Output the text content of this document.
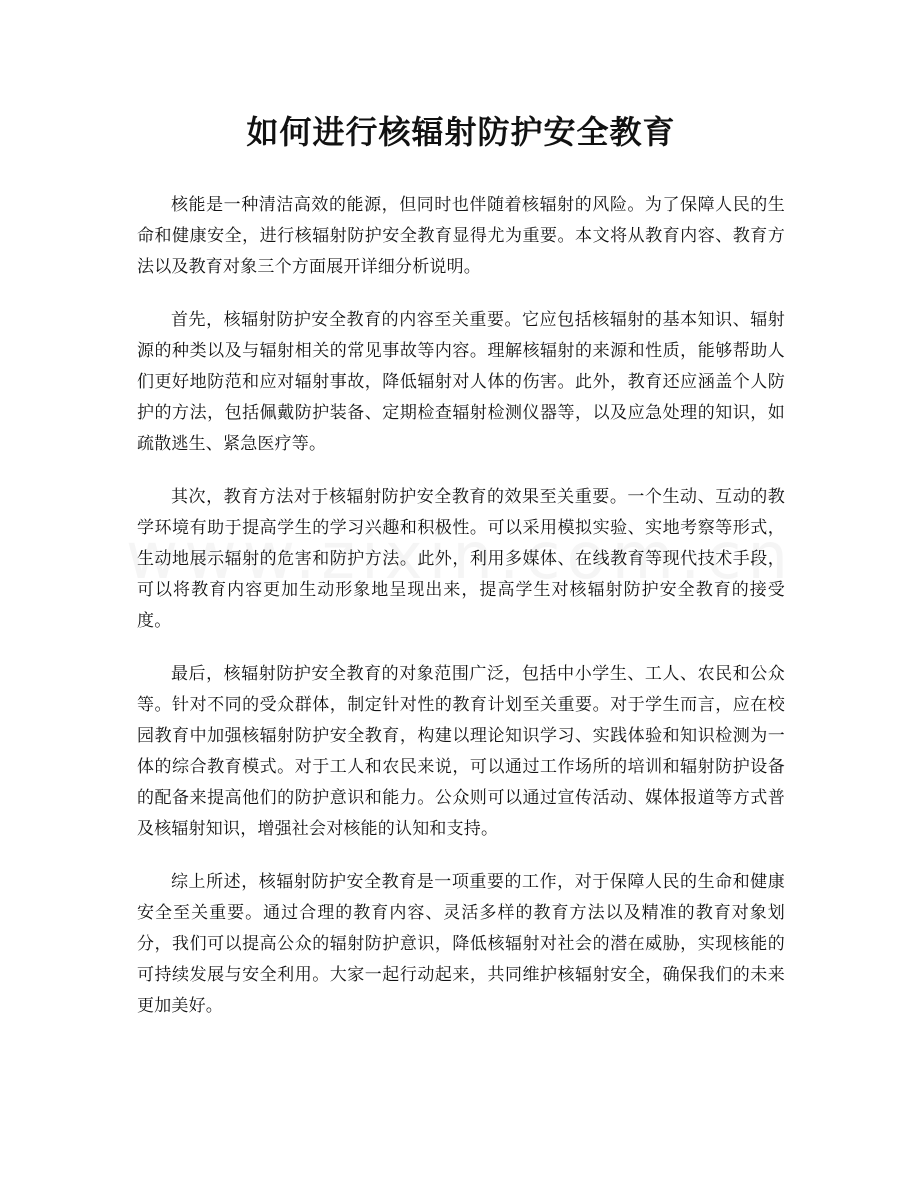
如何进行核辐射防护安全教育

核能是一种清洁高效的能源，但同时也伴随着核辐射的风险。为了保障人民的生命和健康安全，进行核辐射防护安全教育显得尤为重要。本文将从教育内容、教育方法以及教育对象三个方面展开详细分析说明。

首先，核辐射防护安全教育的内容至关重要。它应包括核辐射的基本知识、辐射源的种类以及与辐射相关的常见事故等内容。理解核辐射的来源和性质，能够帮助人们更好地防范和应对辐射事故，降低辐射对人体的伤害。此外，教育还应涵盖个人防护的方法，包括佩戴防护装备、定期检查辐射检测仪器等，以及应急处理的知识，如疏散逃生、紧急医疗等。

其次，教育方法对于核辐射防护安全教育的效果至关重要。一个生动、互动的教学环境有助于提高学生的学习兴趣和积极性。可以采用模拟实验、实地考察等形式，生动地展示辐射的危害和防护方法。此外，利用多媒体、在线教育等现代技术手段，可以将教育内容更加生动形象地呈现出来，提高学生对核辐射防护安全教育的接受度。

最后，核辐射防护安全教育的对象范围广泛，包括中小学生、工人、农民和公众等。针对不同的受众群体，制定针对性的教育计划至关重要。对于学生而言，应在校园教育中加强核辐射防护安全教育，构建以理论知识学习、实践体验和知识检测为一体的综合教育模式。对于工人和农民来说，可以通过工作场所的培训和辐射防护设备的配备来提高他们的防护意识和能力。公众则可以通过宣传活动、媒体报道等方式普及核辐射知识，增强社会对核能的认知和支持。

综上所述，核辐射防护安全教育是一项重要的工作，对于保障人民的生命和健康安全至关重要。通过合理的教育内容、灵活多样的教育方法以及精准的教育对象划分，我们可以提高公众的辐射防护意识，降低核辐射对社会的潜在威胁，实现核能的可持续发展与安全利用。大家一起行动起来，共同维护核辐射安全，确保我们的未来更加美好。
